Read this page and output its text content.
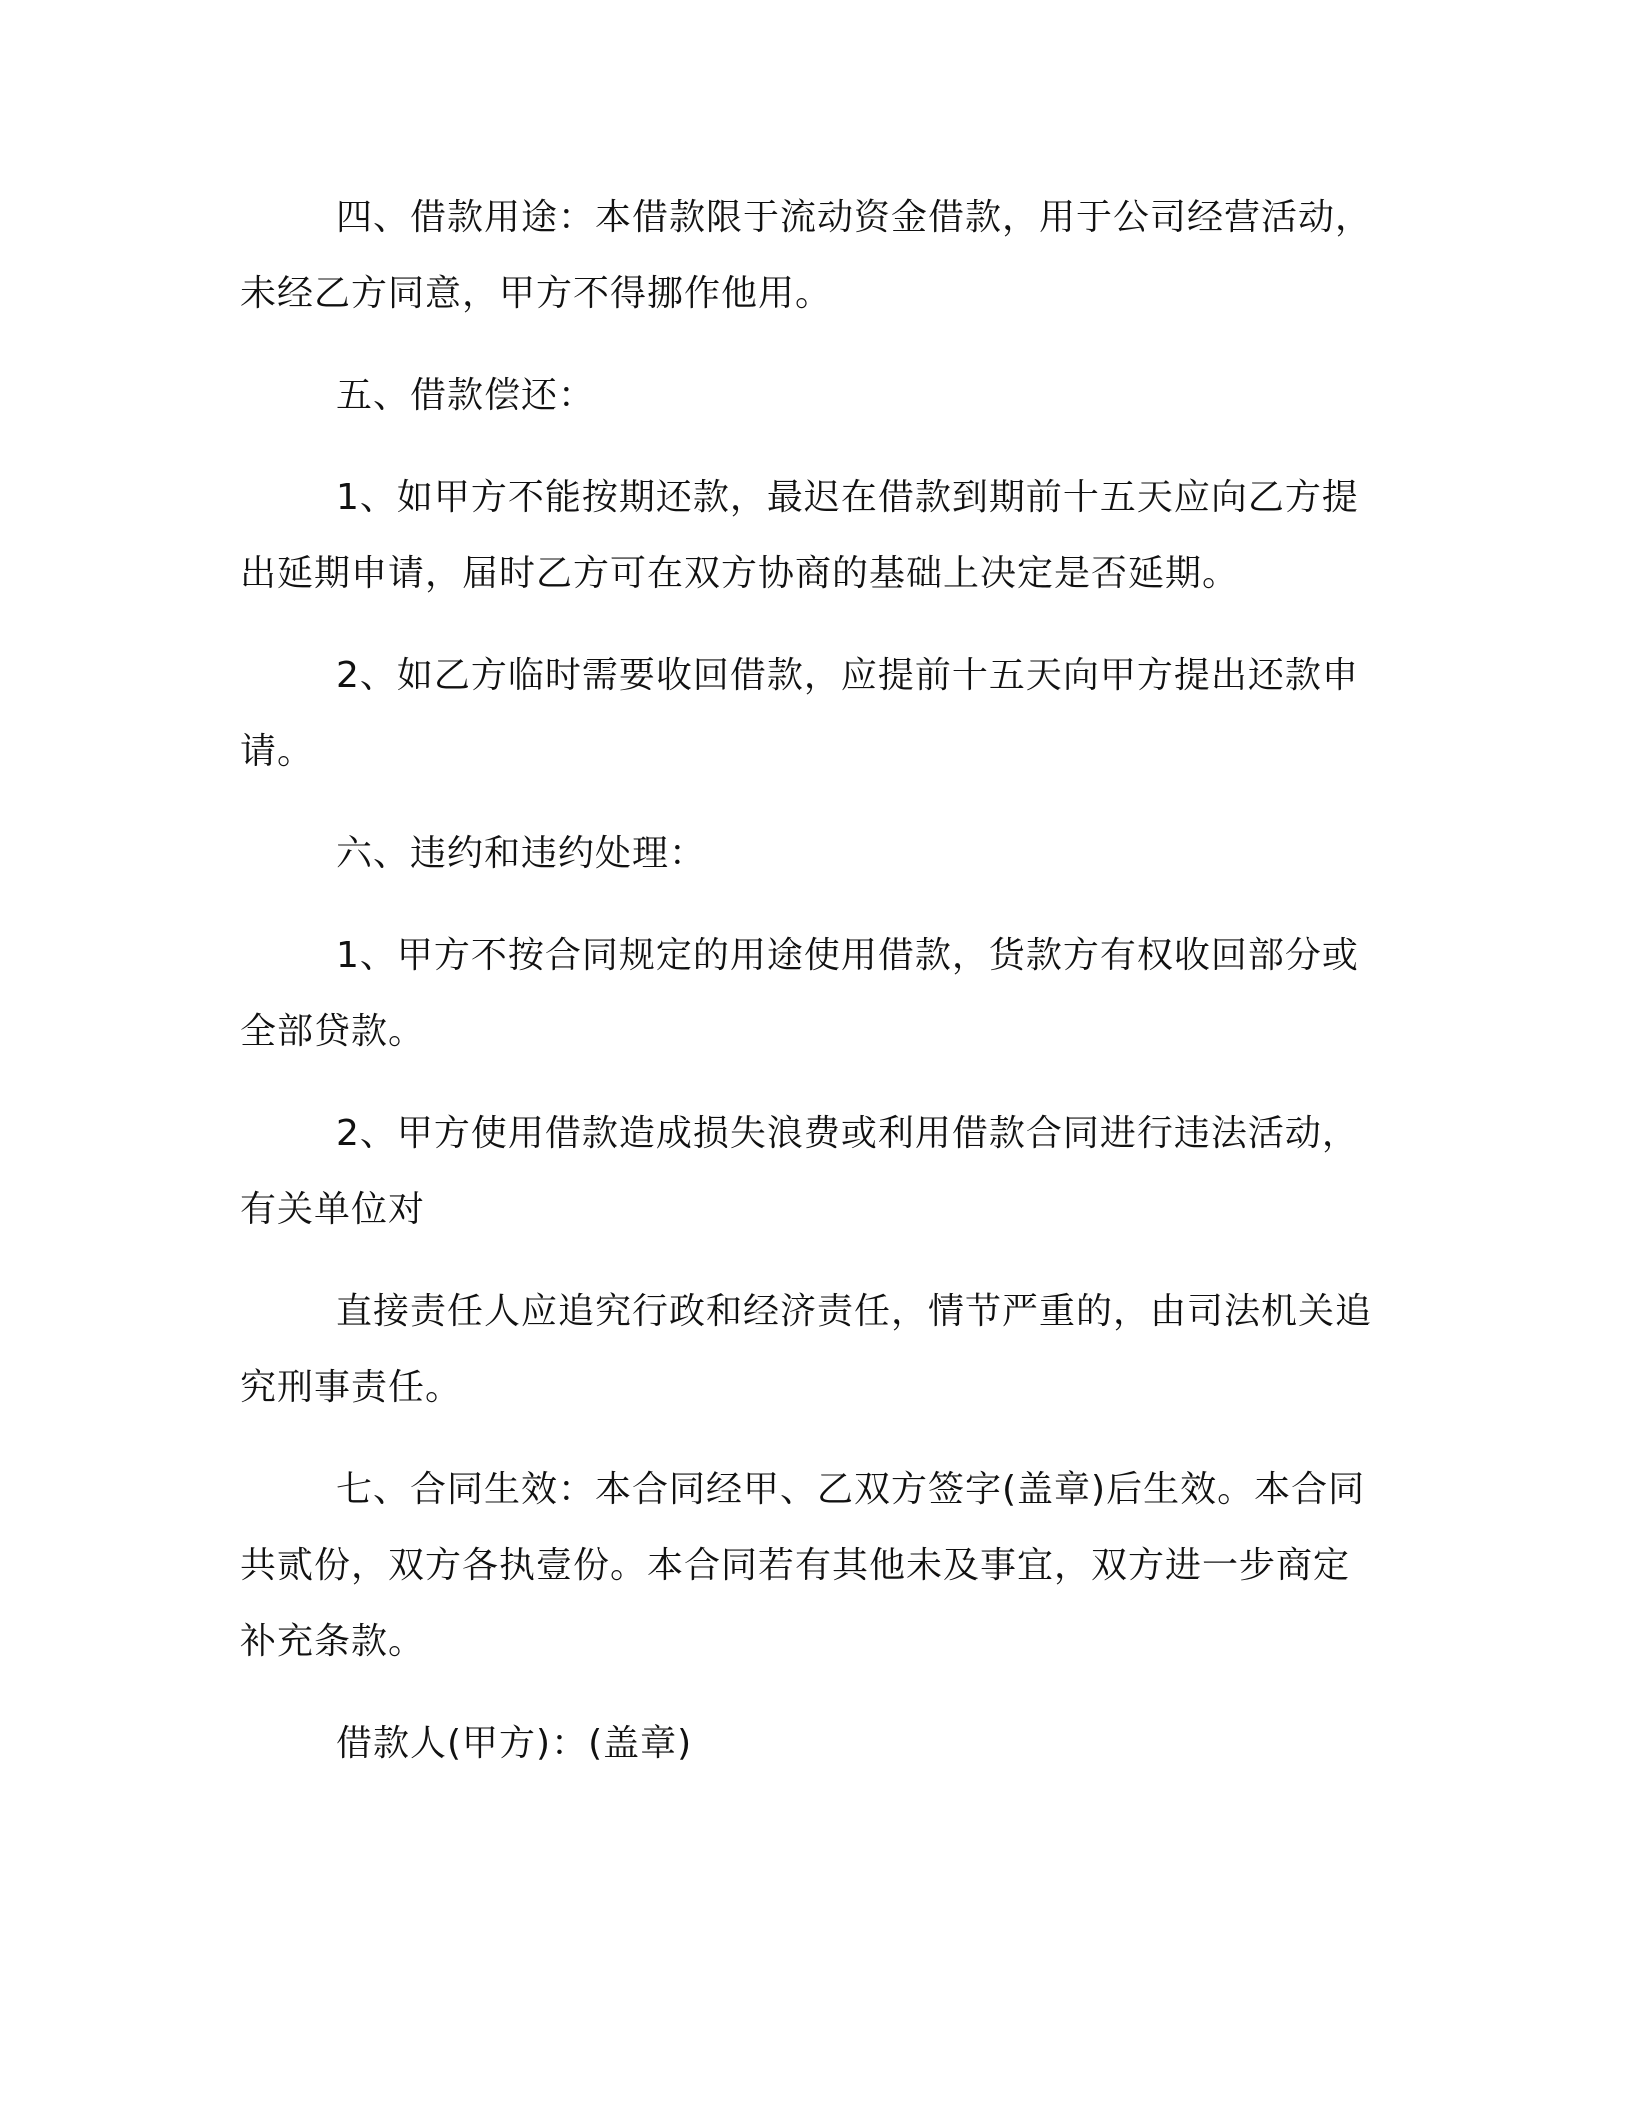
四、借款用途：本借款限于流动资金借款，用于公司经营活动，

未经乙方同意，甲方不得挪作他用。

五、借款偿还：

1、如甲方不能按期还款，最迟在借款到期前十五天应向乙方提

出延期申请，届时乙方可在双方协商的基础上决定是否延期。

2、如乙方临时需要收回借款，应提前十五天向甲方提出还款申

请。

六、违约和违约处理：

1、甲方不按合同规定的用途使用借款，货款方有权收回部分或

全部贷款。

2、甲方使用借款造成损失浪费或利用借款合同进行违法活动，

有关单位对

直接责任人应追究行政和经济责任，情节严重的，由司法机关追

究刑事责任。

七、合同生效：本合同经甲、乙双方签字(盖章)后生效。本合同

共贰份，双方各执壹份。本合同若有其他未及事宜，双方进一步商定

补充条款。

借款人(甲方)：(盖章)
